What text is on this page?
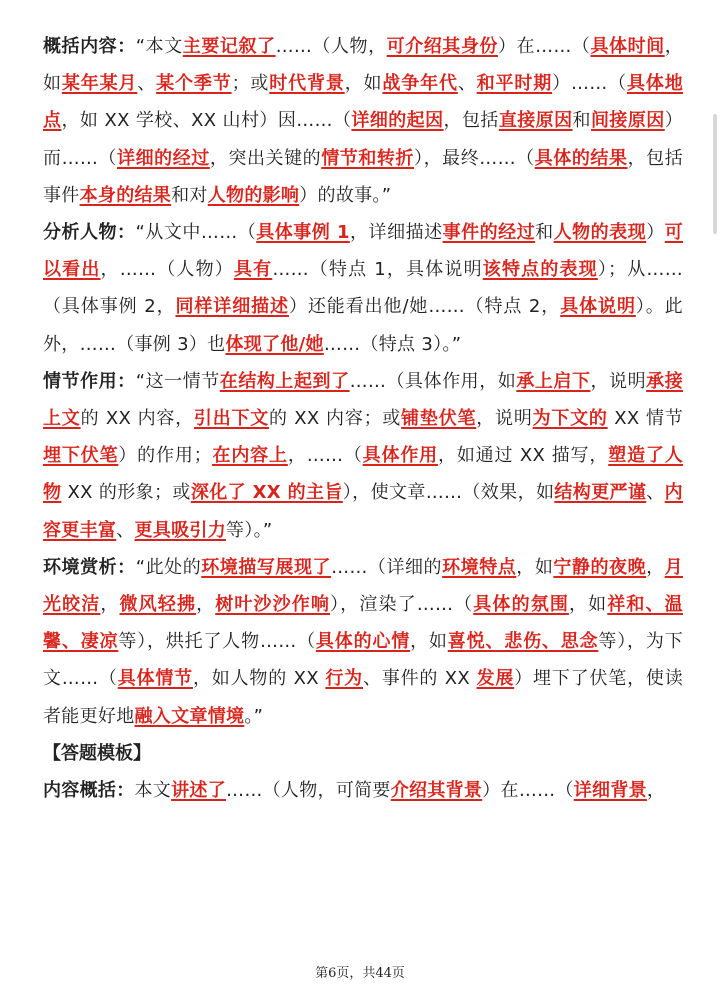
概括内容：“本文主要记叙了……（人物，可介绍其身份）在……（具体时间，如某年某月、某个季节；或时代背景，如战争年代、和平时期）……（具体地点，如 XX 学校、XX 山村）因……（详细的起因，包括直接原因和间接原因）而……（详细的经过，突出关键的情节和转折），最终……（具体的结果，包括事件本身的结果和对人物的影响）的故事。”

分析人物：“从文中……（具体事例 1，详细描述事件的经过和人物的表现）可以看出，……（人物）具有……（特点 1，具体说明该特点的表现）；从……（具体事例 2，同样详细描述）还能看出他/她……（特点 2，具体说明）。此外，……（事例 3）也体现了他/她……（特点 3）。”

情节作用：“这一情节在结构上起到了……（具体作用，如承上启下，说明承接上文的 XX 内容，引出下文的 XX 内容；或铺垫伏笔，说明为下文的 XX 情节埋下伏笔）的作用；在内容上，……（具体作用，如通过 XX 描写，塑造了人物 XX 的形象；或深化了 XX 的主旨），使文章……（效果，如结构更严谨、内容更丰富、更具吸引力等）。”

环境赏析：“此处的环境描写展现了……（详细的环境特点，如宁静的夜晚，月光皎洁，微风轻拂，树叶沙沙作响），渲染了……（具体的氛围，如祥和、温馨、凄凉等），烘托了人物……（具体的心情，如喜悦、悲伤、思念等），为下文……（具体情节，如人物的 XX 行为、事件的 XX 发展）埋下了伏笔，使读者能更好地融入文章情境。”

【答题模板】

内容概括：本文讲述了……（人物，可简要介绍其背景）在……（详细背景，

第6页，共44页
